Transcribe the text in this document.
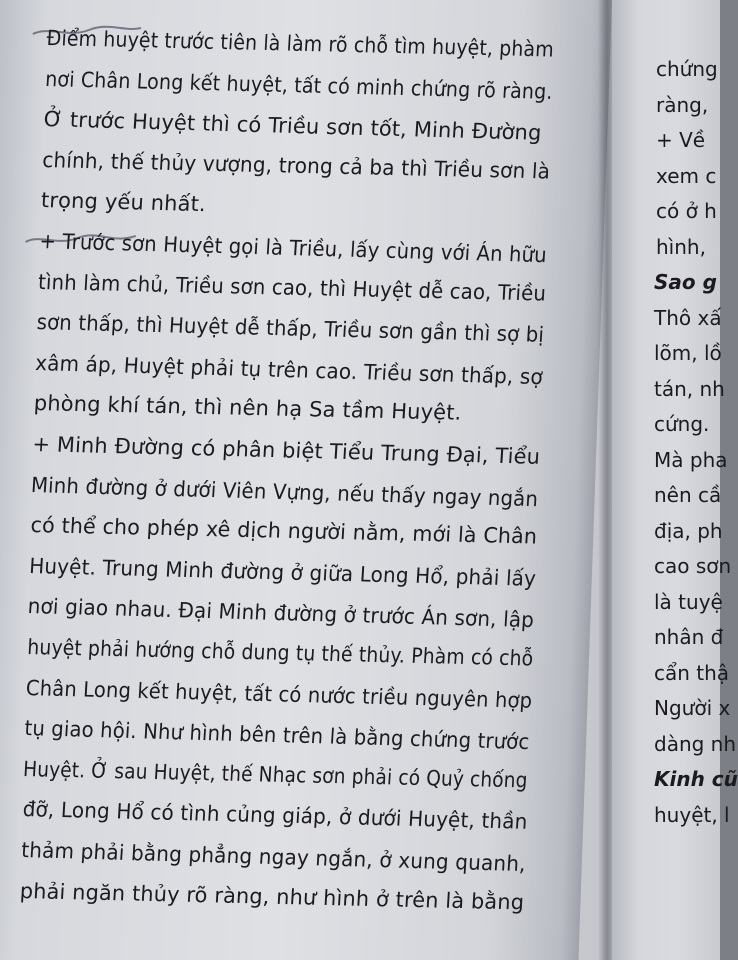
Điểm huyệt trước tiên là làm rõ chỗ tìm huyệt, phàm
nơi Chân Long kết huyệt, tất có minh chứng rõ ràng.
Ở trước Huyệt thì có Triều sơn tốt, Minh Đường
chính, thế thủy vượng, trong cả ba thì Triều sơn là
trọng yếu nhất.
+ Trước sơn Huyệt gọi là Triều, lấy cùng với Án hữu
tình làm chủ, Triều sơn cao, thì Huyệt dễ cao, Triều
sơn thấp, thì Huyệt dễ thấp, Triều sơn gần thì sợ bị
xâm áp, Huyệt phải tụ trên cao. Triều sơn thấp, sợ
phòng khí tán, thì nên hạ Sa tầm Huyệt.
+ Minh Đường có phân biệt Tiểu Trung Đại, Tiểu
Minh đường ở dưới Viên Vựng, nếu thấy ngay ngắn
có thể cho phép xê dịch người nằm, mới là Chân
Huyệt. Trung Minh đường ở giữa Long Hổ, phải lấy
nơi giao nhau. Đại Minh đường ở trước Án sơn, lập
huyệt phải hướng chỗ dung tụ thế thủy. Phàm có chỗ
Chân Long kết huyệt, tất có nước triều nguyên hợp
tụ giao hội. Như hình bên trên là bằng chứng trước
Huyệt. Ở sau Huyệt, thế Nhạc sơn phải có Quỷ chống
đỡ, Long Hổ có tình củng giáp, ở dưới Huyệt, thần
thảm phải bằng phẳng ngay ngắn, ở xung quanh,
phải ngăn thủy rõ ràng, như hình ở trên là bằng
chứng
ràng,
+ Về
xem c
có ở h
hình,
Sao g
Thô xấ
lõm, lồ
tán, nh
cứng.
Mà pha
nên cầ
địa, ph
cao sơn
là tuyệ
nhân đ
cẩn thậ
Người x
dàng nh
Kinh cũ
huyệt, l
